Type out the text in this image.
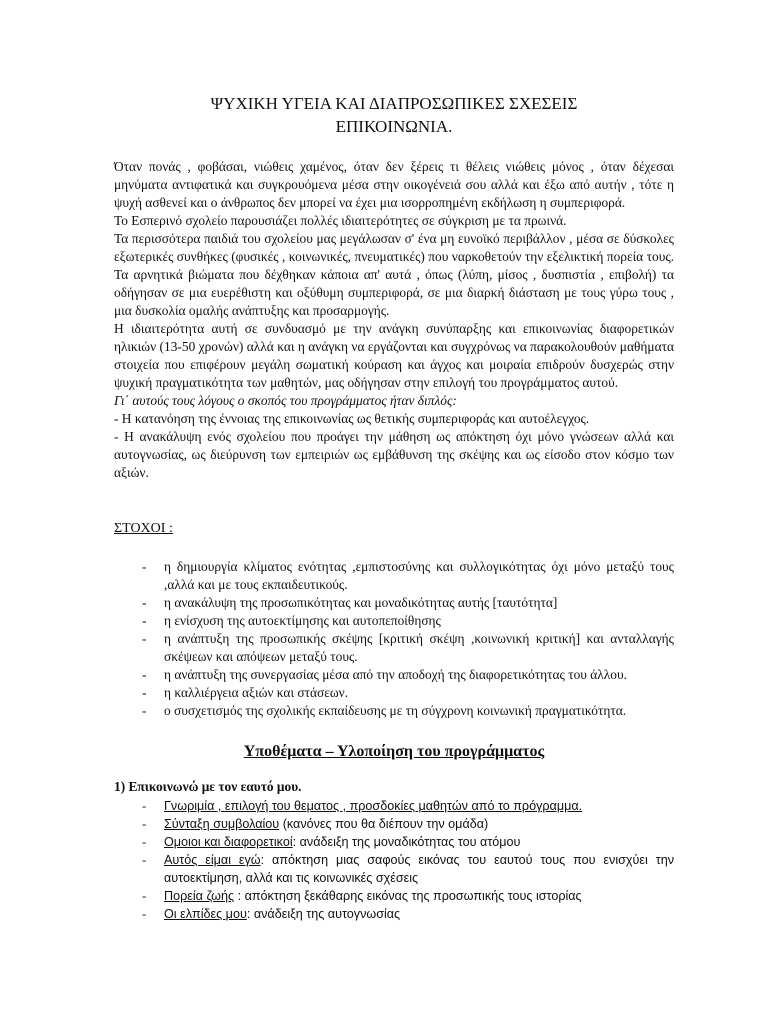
ΨΥΧΙΚΗ ΥΓΕΙΑ ΚΑΙ ΔΙΑΠΡΟΣΩΠΙΚΕΣ ΣΧΕΣΕΙΣ
ΕΠΙΚΟΙΝΩΝΙΑ.

Όταν πονάς , φοβάσαι, νιώθεις χαμένος, όταν δεν ξέρεις τι θέλεις νιώθεις μόνος , όταν δέχεσαι μηνύματα αντιφατικά και συγκρουόμενα μέσα στην οικογένειά σου αλλά και έξω από αυτήν , τότε η ψυχή ασθενεί και ο άνθρωπος δεν μπορεί να έχει μια ισορροπημένη εκδήλωση η συμπεριφορά.

Το Εσπερινό σχολείο παρουσιάζει πολλές ιδιαιτερότητες σε σύγκριση με τα πρωινά.

Τα περισσότερα παιδιά του σχολείου μας μεγάλωσαν σ' ένα μη ευνοϊκό περιβάλλον , μέσα σε δύσκολες εξωτερικές συνθήκες (φυσικές , κοινωνικές, πνευματικές) που ναρκοθετούν την εξελικτική πορεία τους. Τα αρνητικά βιώματα που δέχθηκαν κάποια απ' αυτά , όπως (λύπη, μίσος , δυσπιστία , επιβολή) τα οδήγησαν σε μια ευερέθιστη και οξύθυμη συμπεριφορά, σε μια διαρκή διάσταση με τους γύρω τους , μια δυσκολία ομαλής ανάπτυξης και προσαρμογής.

Η ιδιαιτερότητα αυτή σε συνδυασμό με την ανάγκη συνύπαρξης και επικοινωνίας διαφορετικών ηλικιών (13-50 χρονών) αλλά και η ανάγκη να εργάζονται και συγχρόνως να παρακολουθούν μαθήματα στοιχεία που επιφέρουν μεγάλη σωματική κούραση και άγχος και μοιραία επιδρούν δυσχερώς στην ψυχική πραγματικότητα των μαθητών, μας οδήγησαν στην επιλογή του προγράμματος αυτού.

Γι΄ αυτούς τους λόγους ο σκοπός του προγράμματος ήταν διπλός:

- Η κατανόηση της έννοιας της επικοινωνίας ως θετικής συμπεριφοράς και αυτοέλεγχος.

- Η ανακάλυψη ενός σχολείου που προάγει την μάθηση ως απόκτηση όχι μόνο γνώσεων αλλά και αυτογνωσίας, ως διεύρυνση των εμπειριών ως εμβάθυνση της σκέψης και ως είσοδο στον κόσμο των αξιών.

ΣΤΟΧΟΙ :
- η δημιουργία κλίματος ενότητας ,εμπιστοσύνης και συλλογικότητας όχι μόνο μεταξύ τους ,αλλά και με τους εκπαιδευτικούς.
- η ανακάλυψη της προσωπικότητας και μοναδικότητας αυτής [ταυτότητα]
- η ενίσχυση της αυτοεκτίμησης και αυτοπεποίθησης
- η ανάπτυξη της προσωπικής σκέψης [κριτική σκέψη ,κοινωνική κριτική] και ανταλλαγής σκέψεων και απόψεων μεταξύ τους.
- η ανάπτυξη της συνεργασίας μέσα από την αποδοχή της διαφορετικότητας του άλλου.
- η καλλιέργεια αξιών και στάσεων.
- ο συσχετισμός της σχολικής εκπαίδευσης με τη σύγχρονη κοινωνική πραγματικότητα.
Υποθέματα – Υλοποίηση του προγράμματος
1) Επικοινωνώ με τον εαυτό μου.
- Γνωριμία , επιλογή του θεματος , προσδοκίες μαθητών από το πρόγραμμα.
- Σύνταξη συμβολαίου (κανόνες που θα διέπουν την ομάδα)
- Ομοιοι και διαφορετικοί: ανάδειξη της μοναδικότητας του ατόμου
- Αυτός είμαι εγώ: απόκτηση μιας σαφούς εικόνας του εαυτού τους που ενισχύει την αυτοεκτίμηση, αλλά και τις κοινωνικές σχέσεις
- Πορεία ζωής : απόκτηση ξεκάθαρης εικόνας της προσωπικής τους ιστορίας
- Οι ελπίδες μου: ανάδειξη της αυτογνωσίας
